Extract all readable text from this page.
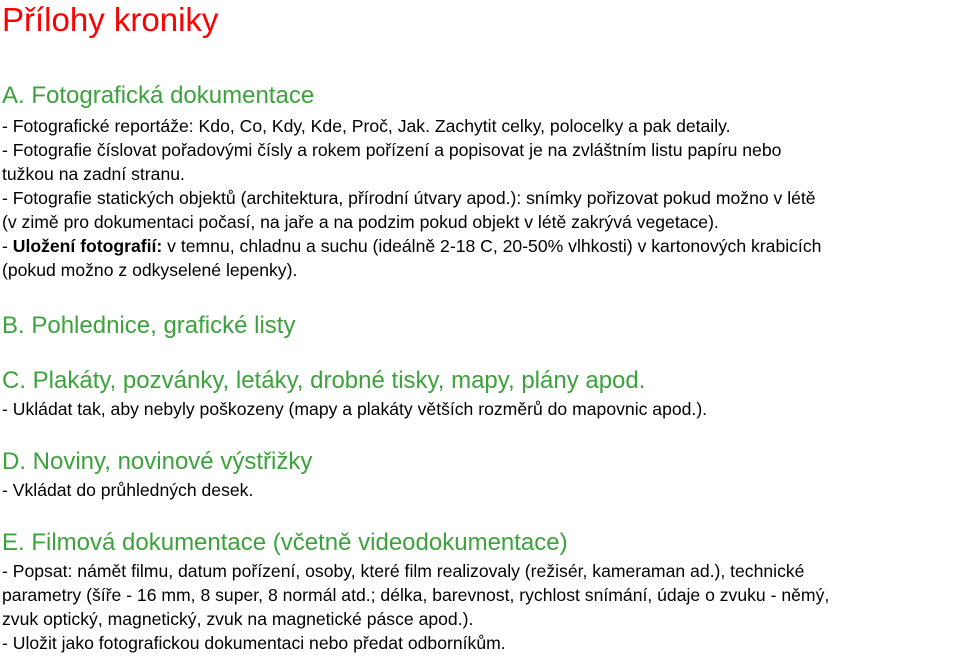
Přílohy kroniky
A. Fotografická dokumentace
- Fotografické reportáže: Kdo, Co, Kdy, Kde, Proč, Jak. Zachytit celky, polocelky a pak detaily.
- Fotografie číslovat pořadovými čísly a rokem pořízení a popisovat je na zvláštním listu papíru nebo
tužkou na zadní stranu.
- Fotografie statických objektů (architektura, přírodní útvary apod.): snímky pořizovat pokud možno v létě
(v zimě pro dokumentaci počasí, na jaře a na podzim pokud objekt v létě zakrývá vegetace).
- Uložení fotografií: v temnu, chladnu a suchu (ideálně 2-18 C, 20-50% vlhkosti) v kartonových krabicích
(pokud možno z odkyselené lepenky).
B. Pohlednice, grafické listy
C. Plakáty, pozvánky, letáky, drobné tisky, mapy, plány apod.
- Ukládat tak, aby nebyly poškozeny (mapy a plakáty větších rozměrů do mapovnic apod.).
D. Noviny, novinové výstřižky
- Vkládat do průhledných desek.
E. Filmová dokumentace (včetně videodokumentace)
- Popsat: námět filmu, datum pořízení, osoby, které film realizovaly (režisér, kameraman ad.), technické
parametry (šíře - 16 mm, 8 super, 8 normál atd.; délka, barevnost, rychlost snímání, údaje o zvuku - němý,
zvuk optický, magnetický, zvuk na magnetické pásce apod.).
- Uložit jako fotografickou dokumentaci nebo předat odborníkům.
